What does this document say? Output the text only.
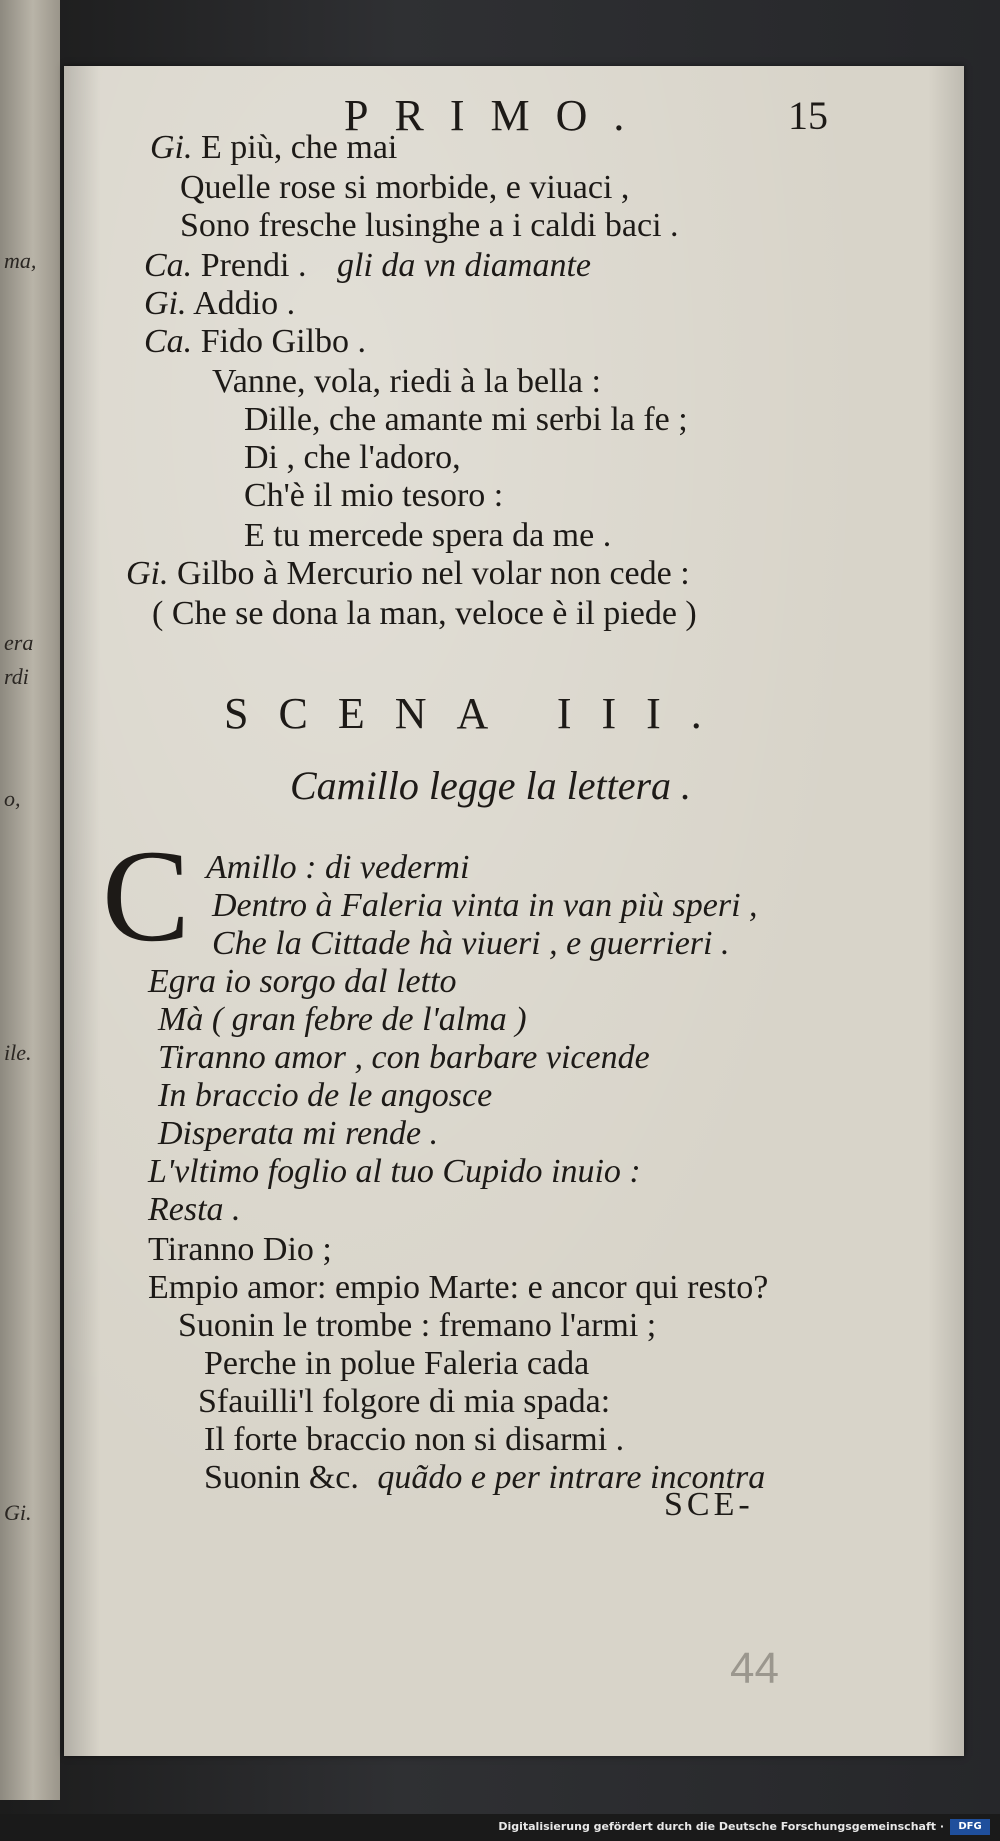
ma,
era
rdi
o,
ile.
Gi.
PRIMO.	15
Gi. E più, che mai
Quelle rose si morbide, e viuaci ,
Sono fresche lusinghe a i caldi baci .
Ca. Prendi . gli da vn diamante
Gi. Addio .
Ca. Fido Gilbo .
Vanne, vola, riedi à la bella :
Dille, che amante mi serbi la fe ;
Di , che l'adoro,
Ch'è il mio tesoro :
E tu mercede spera da me .
Gi. Gilbo à Mercurio nel volar non cede :
( Che se dona la man, veloce è il piede )
SCENA III.
Camillo legge la lettera .
C Amillo : di vedermi
Dentro à Faleria vinta in van più speri ,
Che la Cittade hà viueri , e guerrieri .
Egra io sorgo dal letto
Mà ( gran febre de l'alma )
Tiranno amor , con barbare vicende
In braccio de le angosce
Disperata mi rende .
L'vltimo foglio al tuo Cupido inuio :
Resta .
Tiranno Dio ;
Empio amor: empio Marte: e ancor qui resto?
Suonin le trombe : fremano l'armi ;
Perche in polue Faleria cada
Sfauilli'l folgore di mia spada:
Il forte braccio non si disarmi .
Suonin &c. quãdo e per intrare incontra
SCE-
44
Digitalisierung gefördert durch die Deutsche Forschungsgemeinschaft ·	DFG
